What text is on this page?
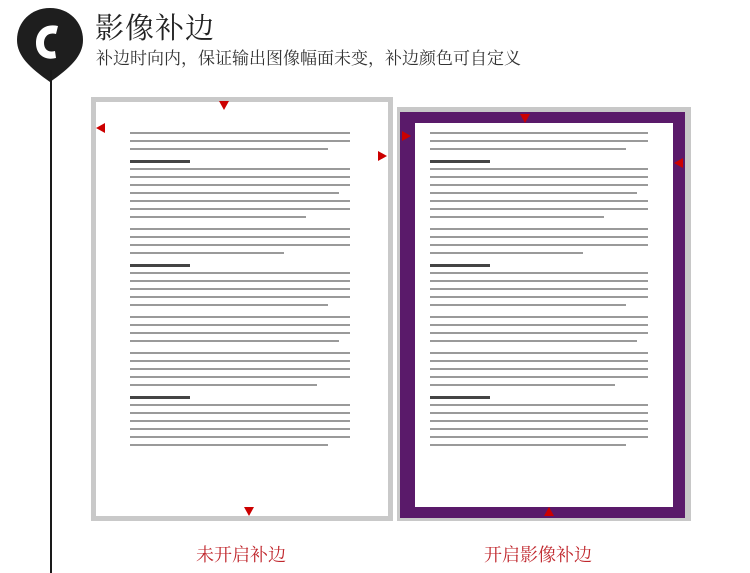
影像补边
补边时向内，保证输出图像幅面未变，补边颜色可自定义
未开启补边	开启影像补边
